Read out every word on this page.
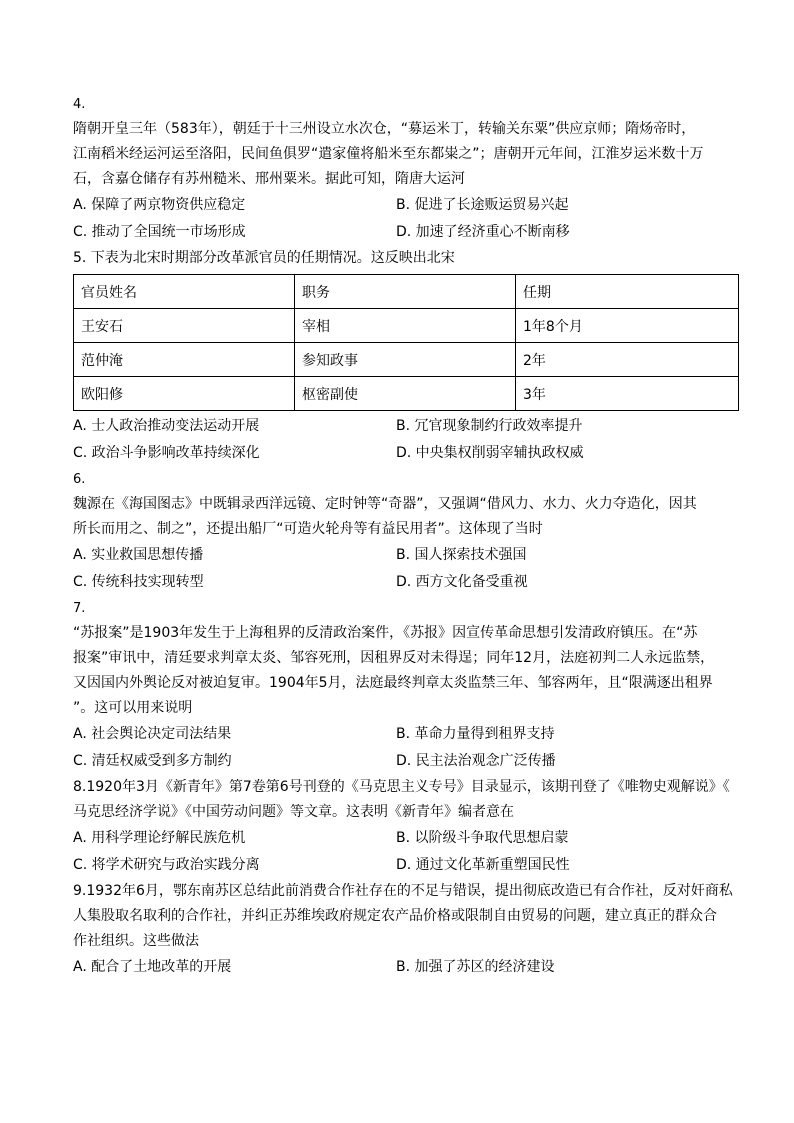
4.
隋朝开皇三年（583年），朝廷于十三州设立水次仓，“募运米丁，转输关东粟”供应京师；隋炀帝时，
江南稻米经运河运至洛阳，民间鱼俱罗“遣家僮将船米至东都粜之”；唐朝开元年间，江淮岁运米数十万
石，含嘉仓储存有苏州糙米、邢州粟米。据此可知，隋唐大运河
A. 保障了两京物资供应稳定	B. 促进了长途贩运贸易兴起
C. 推动了全国统一市场形成	D. 加速了经济重心不断南移
5. 下表为北宋时期部分改革派官员的任期情况。这反映出北宋
官员姓名	职务	任期
王安石	宰相	1年8个月
范仲淹	参知政事	2年
欧阳修	枢密副使	3年
A. 士人政治推动变法运动开展	B. 冗官现象制约行政效率提升
C. 政治斗争影响改革持续深化	D. 中央集权削弱宰辅执政权威
6.
魏源在《海国图志》中既辑录西洋远镜、定时钟等“奇器”，又强调“借风力、水力、火力夺造化，因其
所长而用之、制之”，还提出船厂“可造火轮舟等有益民用者”。这体现了当时
A. 实业救国思想传播	B. 国人探索技术强国
C. 传统科技实现转型	D. 西方文化备受重视
7.
“苏报案”是1903年发生于上海租界的反清政治案件，《苏报》因宣传革命思想引发清政府镇压。在“苏
报案”审讯中，清廷要求判章太炎、邹容死刑，因租界反对未得逞；同年12月，法庭初判二人永远监禁，
又因国内外舆论反对被迫复审。1904年5月，法庭最终判章太炎监禁三年、邹容两年，且“限满逐出租界
”。这可以用来说明
A. 社会舆论决定司法结果	B. 革命力量得到租界支持
C. 清廷权威受到多方制约	D. 民主法治观念广泛传播
8.1920年3月《新青年》第7卷第6号刊登的《马克思主义专号》目录显示，该期刊登了《唯物史观解说》《
马克思经济学说》《中国劳动问题》等文章。这表明《新青年》编者意在
A. 用科学理论纾解民族危机	B. 以阶级斗争取代思想启蒙
C. 将学术研究与政治实践分离	D. 通过文化革新重塑国民性
9.1932年6月，鄂东南苏区总结此前消费合作社存在的不足与错误，提出彻底改造已有合作社，反对奸商私
人集股取名取利的合作社，并纠正苏维埃政府规定农产品价格或限制自由贸易的问题，建立真正的群众合
作社组织。这些做法
A. 配合了土地改革的开展	B. 加强了苏区的经济建设
